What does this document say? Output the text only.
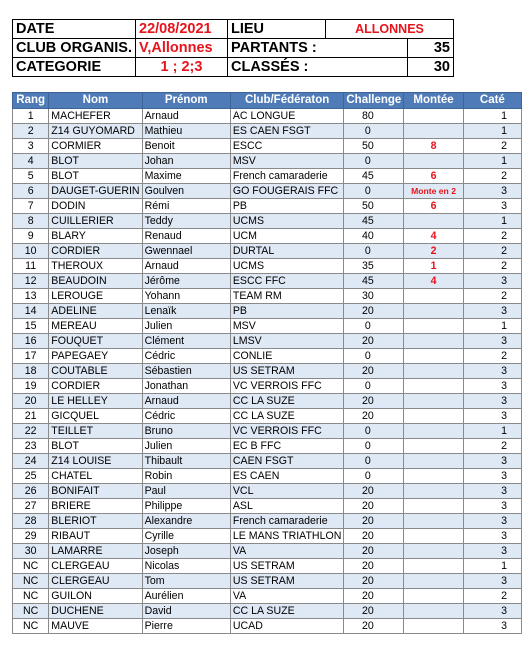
DATE	22/08/2021	LIEU	ALLONNES	
CLUB ORGANIS.	V,Allonnes	PARTANTS :		35
CATEGORIE	1 ; 2;3	CLASSÉS :		30
Rang	Nom	Prénom	Club/Fédératon	Challenge	Montée	Caté
1	MACHEFER	Arnaud	AC LONGUE	80		1
2	Z14 GUYOMARD	Mathieu	ES CAEN FSGT	0		1
3	CORMIER	Benoit	ESCC	50	8	2
4	BLOT	Johan	MSV	0		1
5	BLOT	Maxime	French camaraderie	45	6	2
6	DAUGET-GUERIN	Goulven	GO FOUGERAIS FFC	0	Monte en 2	3
7	DODIN	Rémi	PB	50	6	3
8	CUILLERIER	Teddy	UCMS	45		1
9	BLARY	Renaud	UCM	40	4	2
10	CORDIER	Gwennael	DURTAL	0	2	2
11	THEROUX	Arnaud	UCMS	35	1	2
12	BEAUDOIN	Jérôme	ESCC FFC	45	4	3
13	LEROUGE	Yohann	TEAM RM	30		2
14	ADELINE	Lenaïk	PB	20		3
15	MEREAU	Julien	MSV	0		1
16	FOUQUET	Clément	LMSV	20		3
17	PAPEGAEY	Cédric	CONLIE	0		2
18	COUTABLE	Sébastien	US SETRAM	20		3
19	CORDIER	Jonathan	VC VERROIS FFC	0		3
20	LE HELLEY	Arnaud	CC LA SUZE	20		3
21	GICQUEL	Cédric	CC LA SUZE	20		3
22	TEILLET	Bruno	VC VERROIS FFC	0		1
23	BLOT	Julien	EC B FFC	0		2
24	Z14 LOUISE	Thibault	CAEN FSGT	0		3
25	CHATEL	Robin	ES CAEN	0		3
26	BONIFAIT	Paul	VCL	20		3
27	BRIERE	Philippe	ASL	20		3
28	BLERIOT	Alexandre	French camaraderie	20		3
29	RIBAUT	Cyrille	LE MANS TRIATHLON	20		3
30	LAMARRE	Joseph	VA	20		3
NC	CLERGEAU	Nicolas	US SETRAM	20		1
NC	CLERGEAU	Tom	US SETRAM	20		3
NC	GUILON	Aurélien	VA	20		2
NC	DUCHENE	David	CC LA SUZE	20		3
NC	MAUVE	Pierre	UCAD	20		3
